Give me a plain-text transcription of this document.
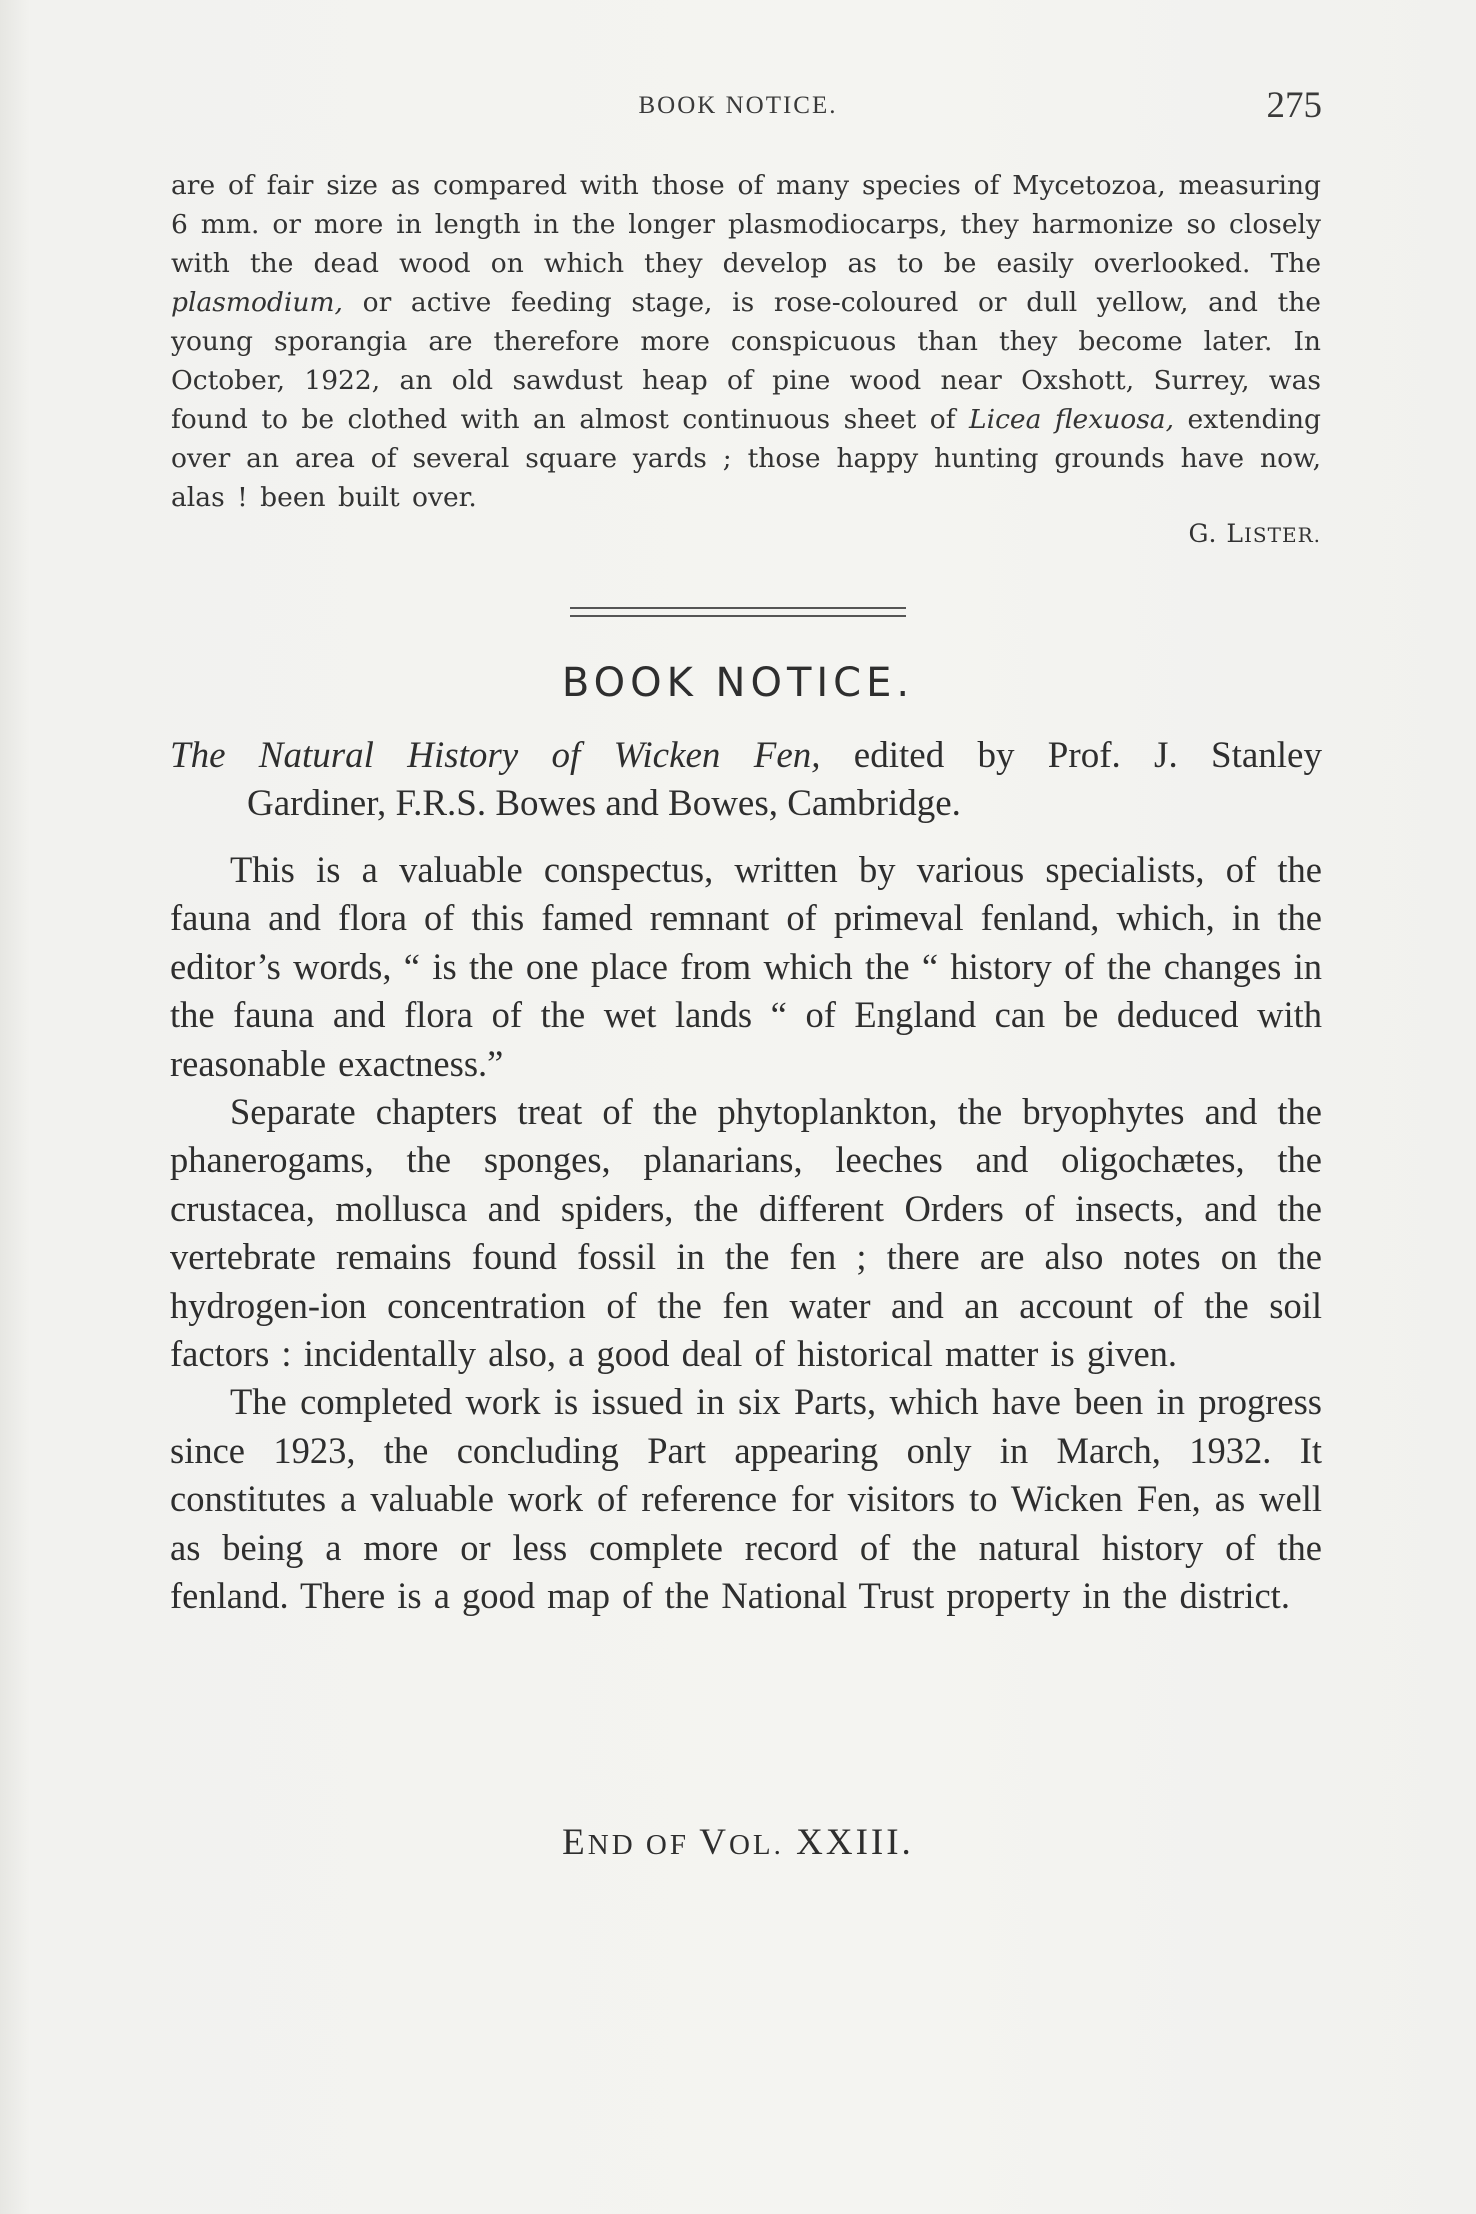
BOOK NOTICE.	275
are of fair size as compared with those of many species of Mycetozoa, measuring 6 mm. or more in length in the longer plasmodiocarps, they harmonize so closely with the dead wood on which they develop as to be easily overlooked. The plasmodium, or active feeding stage, is rose-coloured or dull yellow, and the young sporangia are therefore more conspicuous than they become later. In October, 1922, an old sawdust heap of pine wood near Oxshott, Surrey, was found to be clothed with an almost continuous sheet of Licea flexuosa, extending over an area of several square yards ; those happy hunting grounds have now, alas ! been built over.
G. LISTER.
BOOK NOTICE.
The Natural History of Wicken Fen, edited by Prof. J. Stanley
Gardiner, F.R.S. Bowes and Bowes, Cambridge.

This is a valuable conspectus, written by various specialists, of the fauna and flora of this famed remnant of primeval fenland, which, in the editor’s words, “ is the one place from which the “ history of the changes in the fauna and flora of the wet lands “ of England can be deduced with reasonable exactness.”

Separate chapters treat of the phytoplankton, the bryophytes and the phanerogams, the sponges, planarians, leeches and oligochætes, the crustacea, mollusca and spiders, the different Orders of insects, and the vertebrate remains found fossil in the fen ; there are also notes on the hydrogen-ion concentration of the fen water and an account of the soil factors : incidentally also, a good deal of historical matter is given.

The completed work is issued in six Parts, which have been in progress since 1923, the concluding Part appearing only in March, 1932. It constitutes a valuable work of reference for visitors to Wicken Fen, as well as being a more or less complete record of the natural history of the fenland. There is a good map of the National Trust property in the district.

END OF VOL. XXIII.
